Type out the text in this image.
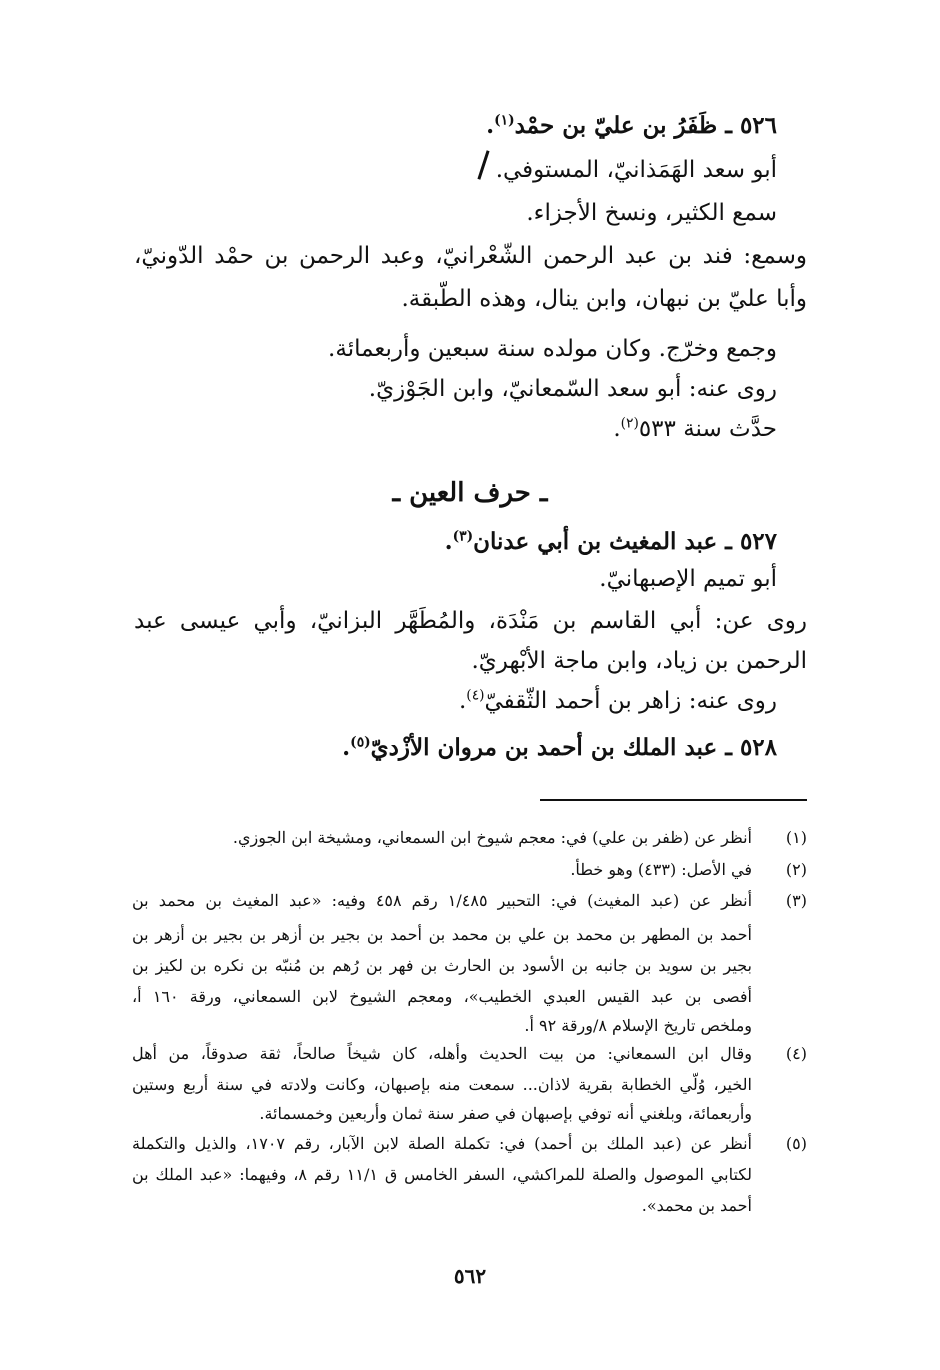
٥٢٦ ـ ظَفَرُ بن عليّ بن حمْد$^{(١)}$.
أبو سعد الهَمَذانيّ، المستوفي.
سمع الكثير، ونسخ الأجزاء.
وسمع: فند بن عبد الرحمن الشّعْرانيّ، وعبد الرحمن بن حمْد الدّونيّ،
وأبا عليّ بن نبهان، وابن ينال، وهذه الطّبقة.
وجمع وخرّج. وكان مولده سنة سبعين وأربعمائة.
روى عنه: أبو سعد السّمعانيّ، وابن الجَوْزيّ.
حدَّث سنة ٥٣٣$^{(٢)}$.
ـ حرف العين ـ
٥٢٧ ـ عبد المغيث بن أبي عدنان$^{(٣)}$.
أبو تميم الإصبهانيّ.
روى عن: أبي القاسم بن مَنْدَة، والمُطَهَّر البزانيّ، وأبي عيسى عبد
الرحمن بن زياد، وابن ماجة الأبْهريّ.
روى عنه: زاهر بن أحمد الثّقفيّ$^{(٤)}$.
٥٢٨ ـ عبد الملك بن أحمد بن مروان الأزْديّ$^{(٥)}$.
(١)
أنظر عن (ظفر بن علي) في: معجم شيوخ ابن السمعاني، ومشيخة ابن الجوزي.
(٢)
في الأصل: (٤٣٣) وهو خطأ.
(٣)
أنظر عن (عبد المغيث) في: التحبير ١/٤٨٥ رقم ٤٥٨ وفيه: «عبد المغيث بن محمد بن
أحمد بن المطهر بن محمد بن علي بن محمد بن أحمد بن بجير بن أزهر بن بجير بن أزهر بن
بجير بن سويد بن جانبه بن الأسود بن الحارث بن فهر بن رُهم بن مُنبّه بن نكره بن لكيز بن
أفصى بن عبد القيس العبدي الخطيب»، ومعجم الشيوخ لابن السمعاني، ورقة ١٦٠ أ،
وملخص تاريخ الإسلام ٨/ورقة ٩٢ أ.
(٤)
وقال ابن السمعاني: من بيت الحديث وأهله، كان شيخاً صالحاً، ثقة صدوقاً، من أهل
الخير، وُلّي الخطابة بقرية لاذان... سمعت منه بإصبهان، وكانت ولادته في سنة أربع وستين
وأربعمائة، وبلغني أنه توفي بإصبهان في صفر سنة ثمان وأربعين وخمسمائة.
(٥)
أنظر عن (عبد الملك بن أحمد) في: تكملة الصلة لابن الآبار، رقم ١٧٠٧، والذيل والتكملة
لكتابي الموصول والصلة للمراكشي، السفر الخامس ق ١١/١ رقم ٨، وفيهما: «عبد الملك بن
أحمد بن محمد».
٥٦٢
